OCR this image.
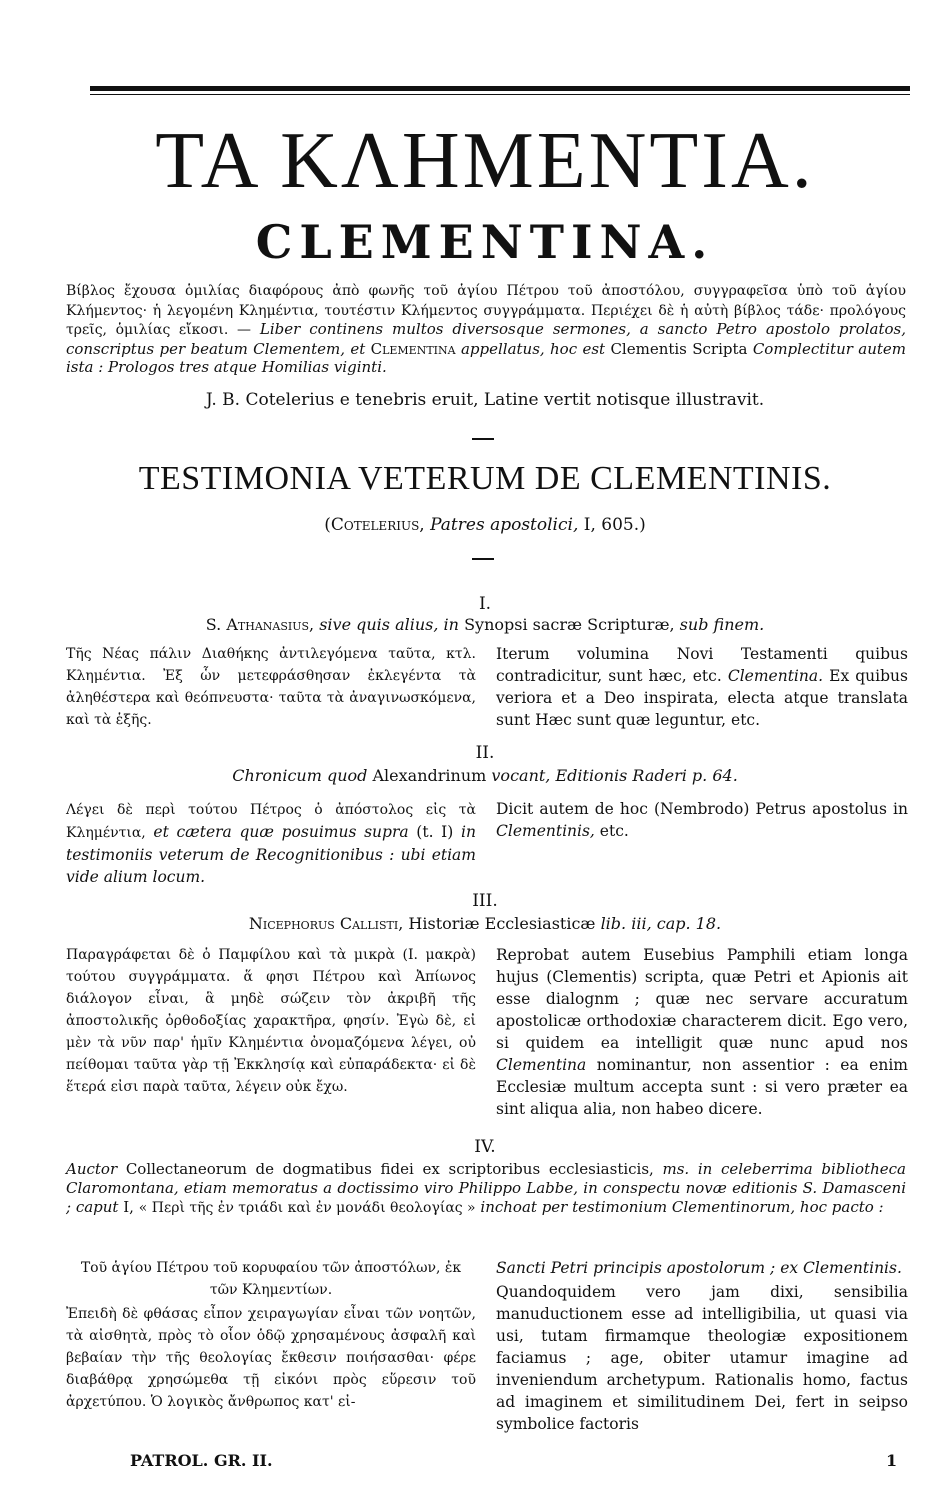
ΤΑ ΚΛΗΜΕΝΤΙΑ.
CLEMENTINA.
Βίβλος ἔχουσα ὁμιλίας διαφόρους ἀπὸ φωνῆς τοῦ ἁγίου Πέτρου τοῦ ἀποστόλου, συγγραφεῖσα ὑπὸ τοῦ ἁγίου Κλήμεντος· ἡ λεγομένη Κλημέντια, τουτέστιν Κλήμεντος συγγράμματα. Περιέχει δὲ ἡ αὐτὴ βίβλος τάδε· προλόγους τρεῖς, ὁμιλίας εἴκοσι. — Liber continens multos diversosque sermones, a sancto Petro apostolo prolatos, conscriptus per beatum Clementem, et Clementina appellatus, hoc est Clementis Scripta Complectitur autem ista : Prologos tres atque Homilias viginti.
J. B. Cotelerius e tenebris eruit, Latine vertit notisque illustravit.
TESTIMONIA VETERUM DE CLEMENTINIS.
(Cotelerius, Patres apostolici, I, 605.)
I.
S. Athanasius, sive quis alius, in Synopsi sacræ Scripturæ, sub finem.
Τῆς Νέας πάλιν Διαθήκης ἀντιλεγόμενα ταῦτα, κτλ. Κλημέντια. Ἐξ ὧν μετεφράσθησαν ἐκλεγέντα τὰ ἀληθέστερα καὶ θεόπνευστα· ταῦτα τὰ ἀναγινωσκόμενα, καὶ τὰ ἑξῆς.
Iterum volumina Novi Testamenti quibus contradicitur, sunt hæc, etc. Clementina. Ex quibus veriora et a Deo inspirata, electa atque translata sunt Hæc sunt quæ leguntur, etc.
II.
Chronicum quod Alexandrinum vocant, Editionis Raderi p. 64.
Λέγει δὲ περὶ τούτου Πέτρος ὁ ἀπόστολος εἰς τὰ Κλημέντια, et cætera quæ posuimus supra (t. I) in testimoniis veterum de Recognitionibus : ubi etiam vide alium locum.
Dicit autem de hoc (Nembrodo) Petrus apostolus in Clementinis, etc.
III.
Nicephorus Callisti, Historiæ Ecclesiasticæ lib. iii, cap. 18.
Παραγράφεται δὲ ὁ Παμφίλου καὶ τὰ μικρὰ (Ι. μακρὰ) τούτου συγγράμματα. ἅ φησι Πέτρου καὶ Ἀπίωνος διάλογον εἶναι, ἃ μηδὲ σώζειν τὸν ἀκριβῆ τῆς ἀποστολικῆς ὀρθοδοξίας χαρακτῆρα, φησίν. Ἐγὼ δὲ, εἰ μὲν τὰ νῦν παρ' ἡμῖν Κλημέντια ὀνομαζόμενα λέγει, οὐ πείθομαι ταῦτα γὰρ τῇ Ἐκκλησίᾳ καὶ εὐπαράδεκτα· εἰ δὲ ἕτερά εἰσι παρὰ ταῦτα, λέγειν οὐκ ἔχω.
Reprobat autem Eusebius Pamphili etiam longa hujus (Clementis) scripta, quæ Petri et Apionis ait esse dialognm ; quæ nec servare accuratum apostolicæ orthodoxiæ characterem dicit. Ego vero, si quidem ea intelligit quæ nunc apud nos Clementina nominantur, non assentior : ea enim Ecclesiæ multum accepta sunt : si vero præter ea sint aliqua alia, non habeo dicere.
IV.
Auctor Collectaneorum de dogmatibus fidei ex scriptoribus ecclesiasticis, ms. in celeberrima bibliotheca Claromontana, etiam memoratus a doctissimo viro Philippo Labbe, in conspectu novæ editionis S. Damasceni ; caput I, « Περὶ τῆς ἐν τριάδι καὶ ἐν μονάδι θεολογίας » inchoat per testimonium Clementinorum, hoc pacto :
Τοῦ ἁγίου Πέτρου τοῦ κορυφαίου τῶν ἀποστόλων, ἐκ τῶν Κλημεντίων.
Ἐπειδὴ δὲ φθάσας εἶπον χειραγωγίαν εἶναι τῶν νοητῶν, τὰ αἰσθητὰ, πρὸς τὸ οἷον ὁδῷ χρησαμένους ἀσφαλῆ καὶ βεβαίαν τὴν τῆς θεολογίας ἔκθεσιν ποιήσασθαι· φέρε διαβάθρᾳ χρησώμεθα τῇ εἰκόνι πρὸς εὕρεσιν τοῦ ἀρχετύπου. Ὁ λογικὸς ἄνθρωπος κατ' εἰ-
Sancti Petri principis apostolorum ; ex Clementinis.
Quandoquidem vero jam dixi, sensibilia manuductionem esse ad intelligibilia, ut quasi via usi, tutam firmamque theologiæ expositionem faciamus ; age, obiter utamur imagine ad inveniendum archetypum. Rationalis homo, factus ad imaginem et similitudinem Dei, fert in seipso symbolice factoris
PATROL. GR. II.	1
